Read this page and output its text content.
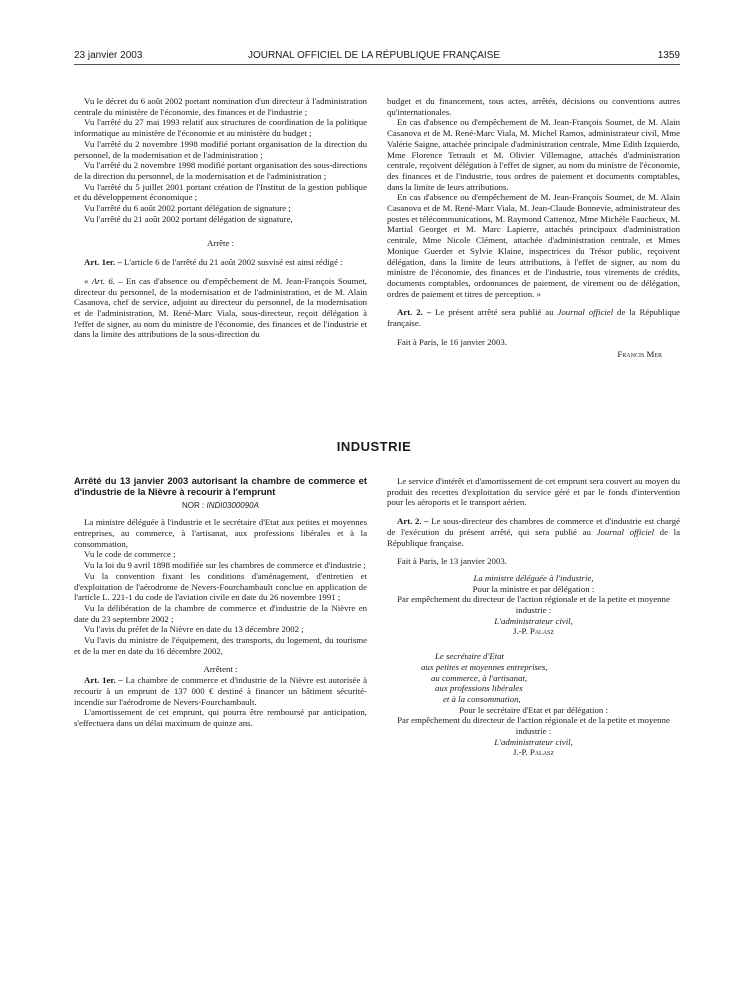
23 janvier 2003	JOURNAL OFFICIEL DE LA RÉPUBLIQUE FRANÇAISE	1359

Vu le décret du 6 août 2002 portant nomination d'un directeur à l'administration centrale du ministère de l'économie, des finances et de l'industrie ;

Vu l'arrêté du 27 mai 1993 relatif aux structures de coordination de la politique informatique au ministère de l'économie et au ministère du budget ;

Vu l'arrêté du 2 novembre 1998 modifié portant organisation de la direction du personnel, de la modernisation et de l'administration ;

Vu l'arrêté du 2 novembre 1998 modifié portant organisation des sous-directions de la direction du personnel, de la modernisation et de l'administration ;

Vu l'arrêté du 5 juillet 2001 portant création de l'Institut de la gestion publique et du développement économique ;

Vu l'arrêté du 6 août 2002 portant délégation de signature ;

Vu l'arrêté du 21 août 2002 portant délégation de signature,

Arrête :

Art. 1er. – L'article 6 de l'arrêté du 21 août 2002 susvisé est ainsi rédigé :

« Art. 6. – En cas d'absence ou d'empêchement de M. Jean-François Soumet, directeur du personnel, de la modernisation et de l'administration, et de M. Alain Casanova, chef de service, adjoint au directeur du personnel, de la modernisation et de l'administration, M. René-Marc Viala, sous-directeur, reçoit délégation à l'effet de signer, au nom du ministre de l'économie, des finances et de l'industrie et dans la limite des attributions de la sous-direction du

budget et du financement, tous actes, arrêtés, décisions ou conventions autres qu'internationales.

En cas d'absence ou d'empêchement de M. Jean-François Soumet, de M. Alain Casanova et de M. René-Marc Viala, M. Michel Ramos, administrateur civil, Mme Valérie Saigne, attachée principale d'administration centrale, Mme Edith Izquierdo, Mme Florence Tetrault et M. Olivier Villemagne, attachés d'administration centrale, reçoivent délégation à l'effet de signer, au nom du ministre de l'économie, des finances et de l'industrie, tous ordres de paiement et documents comptables, dans la limite de leurs attributions.

En cas d'absence ou d'empêchement de M. Jean-François Soumet, de M. Alain Casanova et de M. René-Marc Viala, M. Jean-Claude Bonnevie, administrateur des postes et télécommunications, M. Raymond Cattenoz, Mme Michèle Faucheux, M. Martial Georget et M. Marc Lapierre, attachés principaux d'administration centrale, Mme Nicole Clément, attachée d'administration centrale, et Mmes Monique Guerder et Sylvie Klaine, inspectrices du Trésor public, reçoivent délégation, dans la limite de leurs attributions, à l'effet de signer, au nom du ministre de l'économie, des finances et de l'industrie, tous virements de crédits, documents comptables, ordonnances de paiement, de virement ou de délégation, ordres de paiement et titres de perception. »

Art. 2. – Le présent arrêté sera publié au Journal officiel de la République française.

Fait à Paris, le 16 janvier 2003.

Francis Mer

INDUSTRIE

Arrêté du 13 janvier 2003 autorisant la chambre de commerce et d'industrie de la Nièvre à recourir à l'emprunt

NOR : INDI0300090A

La ministre déléguée à l'industrie et le secrétaire d'Etat aux petites et moyennes entreprises, au commerce, à l'artisanat, aux professions libérales et à la consommation,

Vu le code de commerce ;

Vu la loi du 9 avril 1898 modifiée sur les chambres de commerce et d'industrie ;

Vu la convention fixant les conditions d'aménagement, d'entretien et d'exploitation de l'aérodrome de Nevers-Fourchambault conclue en application de l'article L. 221-1 du code de l'aviation civile en date du 26 novembre 1991 ;

Vu la délibération de la chambre de commerce et d'industrie de la Nièvre en date du 23 septembre 2002 ;

Vu l'avis du préfet de la Nièvre en date du 13 décembre 2002 ;

Vu l'avis du ministre de l'équipement, des transports, du logement, du tourisme et de la mer en date du 16 décembre 2002,

Arrêtent :

Art. 1er. – La chambre de commerce et d'industrie de la Nièvre est autorisée à recourir à un emprunt de 137 000 € destiné à financer un bâtiment sécurité-incendie sur l'aérodrome de Nevers-Fourchambault.

L'amortissement de cet emprunt, qui pourra être remboursé par anticipation, s'effectuera dans un délai maximum de quinze ans.

Le service d'intérêt et d'amortissement de cet emprunt sera couvert au moyen du produit des recettes d'exploitation du service géré et par le fonds d'intervention pour les aéroports et le transport aérien.

Art. 2. – Le sous-directeur des chambres de commerce et d'industrie est chargé de l'exécution du présent arrêté, qui sera publié au Journal officiel de la République française.

Fait à Paris, le 13 janvier 2003.

La ministre déléguée à l'industrie,

Pour la ministre et par délégation :

Par empêchement du directeur de l'action régionale et de la petite et moyenne industrie :

L'administrateur civil,

J.-P. Palasz

Le secrétaire d'Etat

aux petites et moyennes entreprises,

au commerce, à l'artisanat,

aux professions libérales

et à la consommation,

Pour le secrétaire d'Etat et par délégation :

Par empêchement du directeur de l'action régionale et de la petite et moyenne industrie :

L'administrateur civil,

J.-P. Palasz
